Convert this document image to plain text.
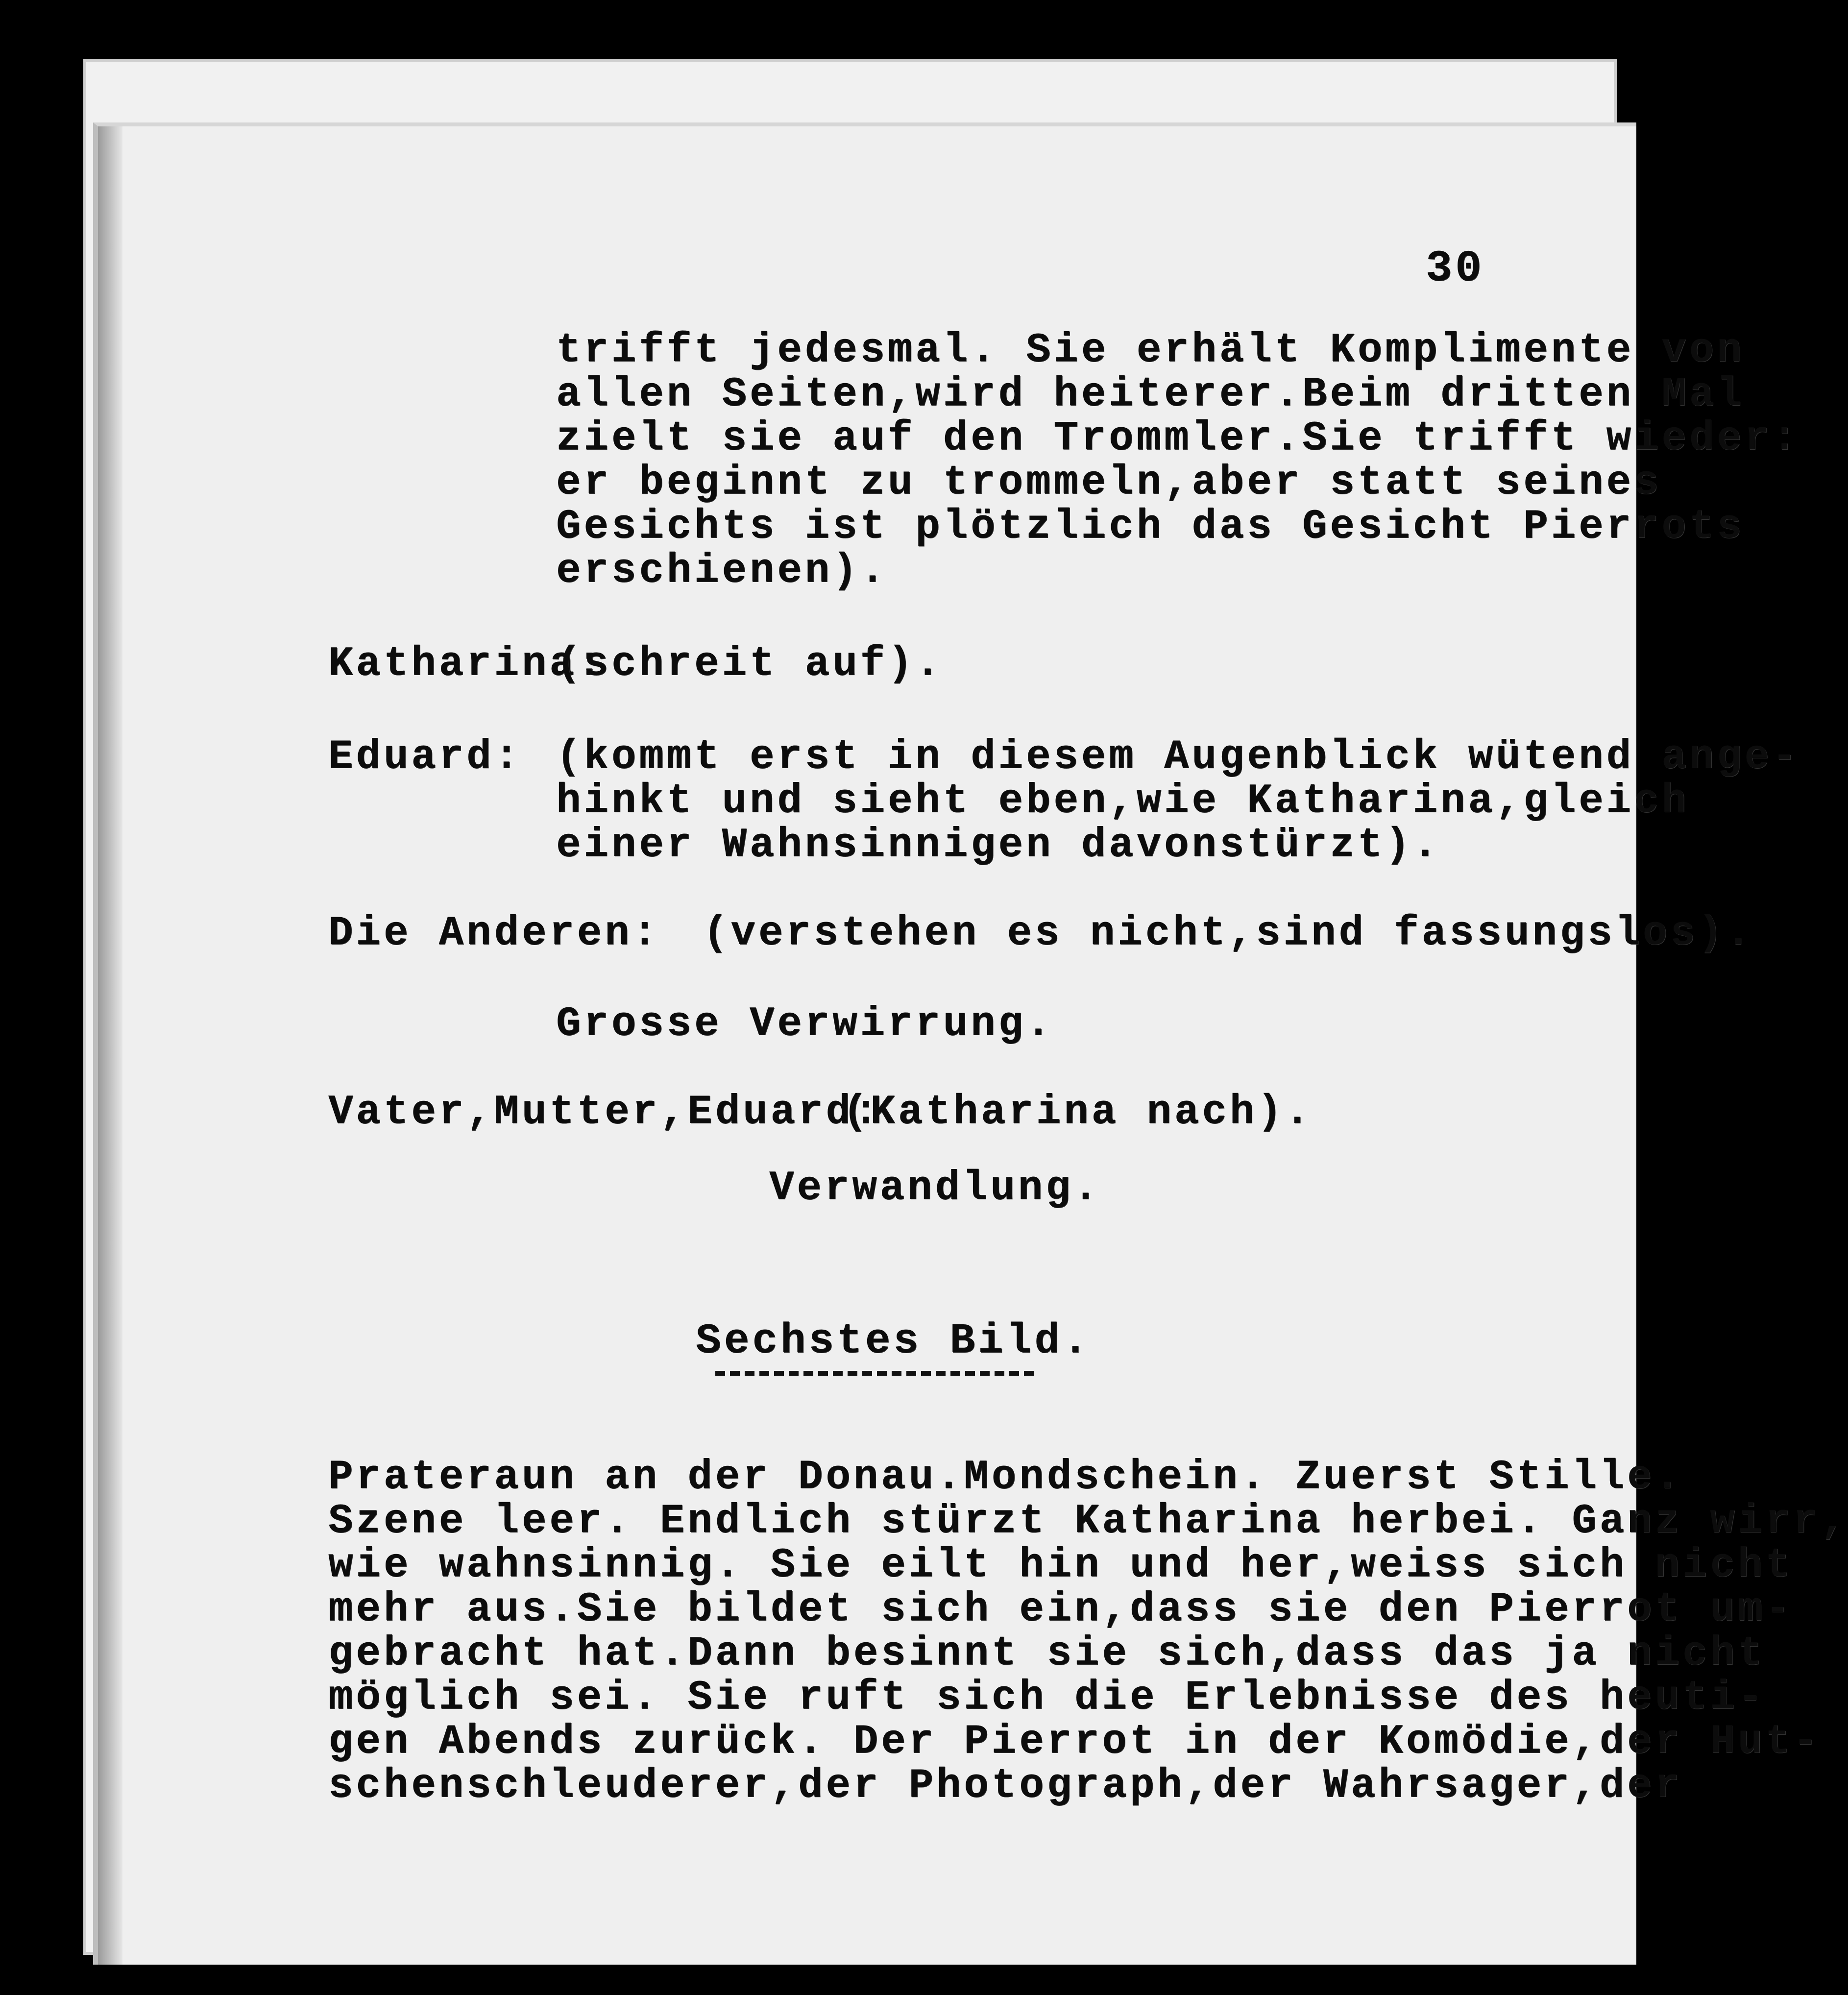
30
trifft jedesmal. Sie erhält Komplimente von
allen Seiten,wird heiterer.Beim dritten Mal
zielt sie auf den Trommler.Sie trifft wieder:
er beginnt zu trommeln,aber statt seines
Gesichts ist plötzlich das Gesicht Pierrots
erschienen).
Katharina:
(schreit auf).
Eduard: (kommt erst in diesem Augenblick wütend ange-
hinkt und sieht eben,wie Katharina,gleich
einer Wahnsinnigen davonstürzt).
Die Anderen: (verstehen es nicht,sind fassungslos).
Grosse Verwirrung.
Vater,Mutter,Eduard:
(Katharina nach).
Verwandlung.
Sechstes Bild.
Prateraun an der Donau.Mondschein. Zuerst Stille.
Szene leer. Endlich stürzt Katharina herbei. Ganz wirr,
wie wahnsinnig. Sie eilt hin und her,weiss sich nicht
mehr aus.Sie bildet sich ein,dass sie den Pierrot um-
gebracht hat.Dann besinnt sie sich,dass das ja nicht
möglich sei. Sie ruft sich die Erlebnisse des heuti-
gen Abends zurück. Der Pierrot in der Komödie,der Hut-
schenschleuderer,der Photograph,der Wahrsager,der
